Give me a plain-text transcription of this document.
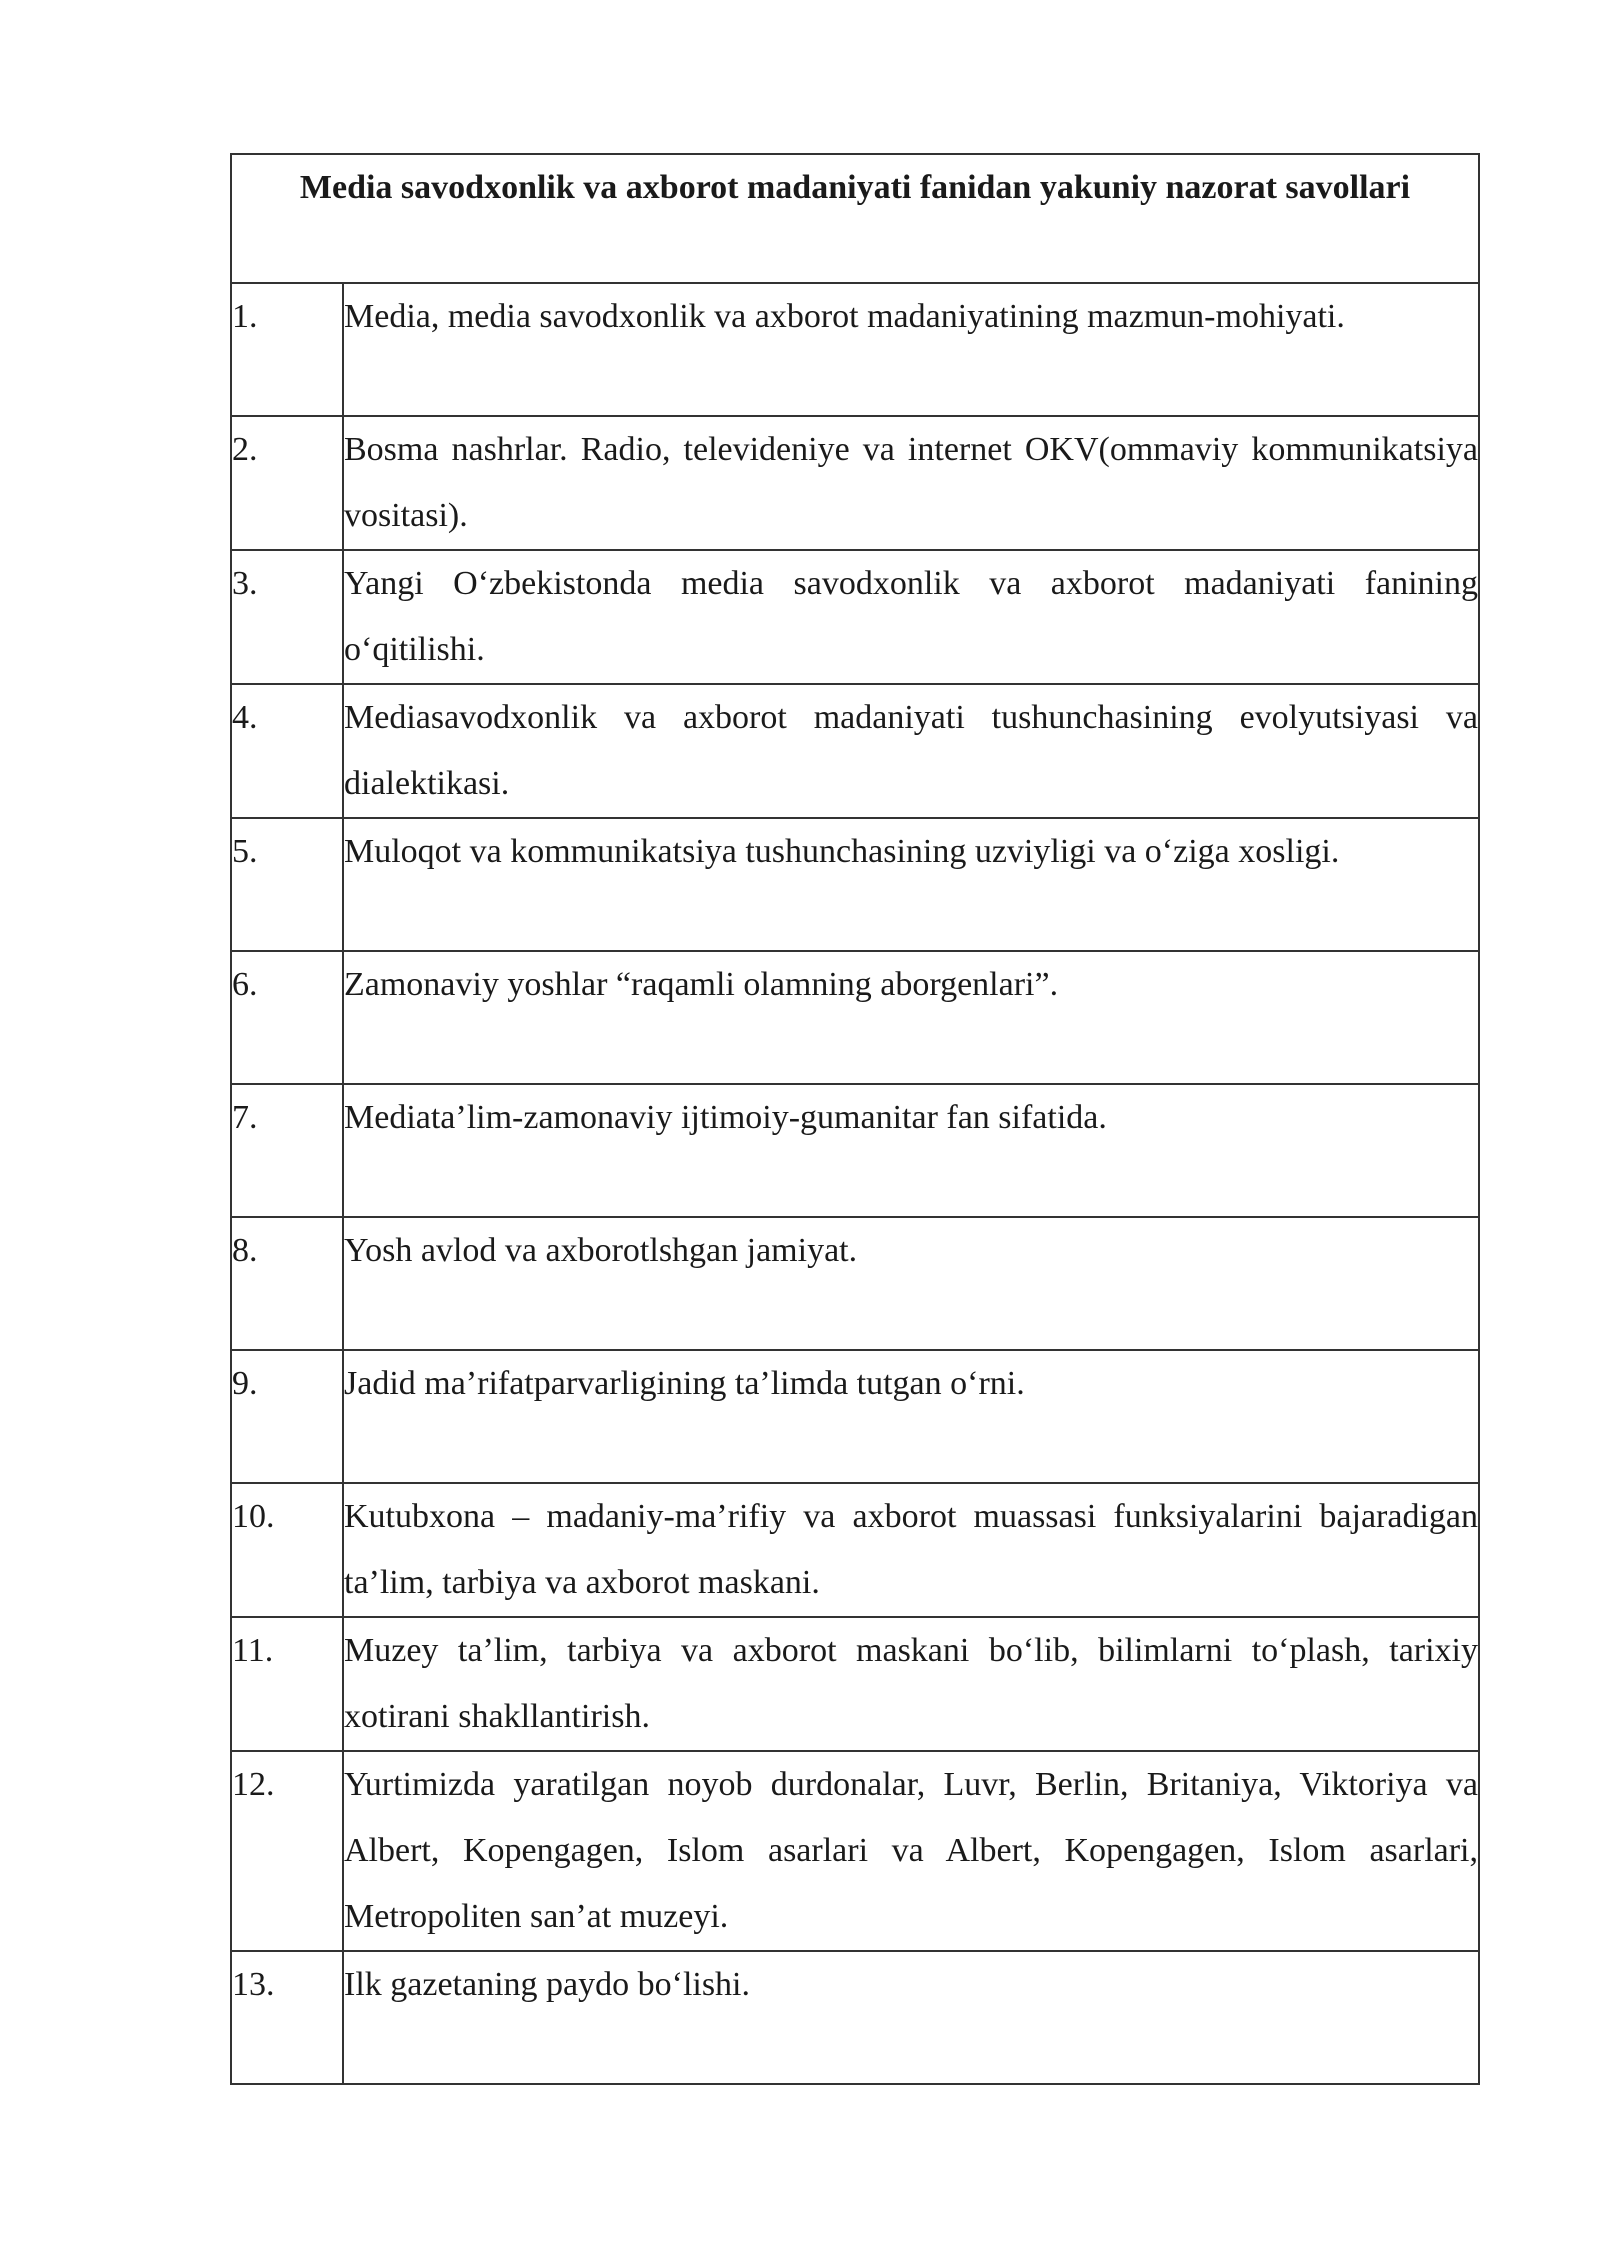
Media savodxonlik va axborot madaniyati fanidan yakuniy nazorat savollari	
1.	Media, media savodxonlik va axborot madaniyatining mazmun-mohiyati.
2.	Bosma nashrlar. Radio, televideniye va internet OKV(ommaviy kommunikatsiya vositasi).
3.	Yangi O‘zbekistonda media savodxonlik va axborot madaniyati fanining o‘qitilishi.
4.	Mediasavodxonlik va axborot madaniyati tushunchasining evolyutsiyasi va dialektikasi.
5.	Muloqot va kommunikatsiya tushunchasining uzviyligi va o‘ziga xosligi.
6.	Zamonaviy yoshlar “raqamli olamning aborgenlari”.
7.	Mediata’lim-zamonaviy ijtimoiy-gumanitar fan sifatida.
8.	Yosh avlod va axborotlshgan jamiyat.
9.	Jadid ma’rifatparvarligining ta’limda tutgan o‘rni.
10.	Kutubxona – madaniy-ma’rifiy va axborot muassasi funksiyalarini bajaradigan ta’lim, tarbiya va axborot maskani.
11.	Muzey ta’lim, tarbiya va axborot maskani bo‘lib, bilimlarni to‘plash, tarixiy xotirani shakllantirish.
12.	Yurtimizda yaratilgan noyob durdonalar, Luvr, Berlin, Britaniya, Viktoriya va Albert, Kopengagen, Islom asarlari va Albert, Kopengagen, Islom asarlari, Metropoliten san’at muzeyi.
13.	Ilk gazetaning paydo bo‘lishi.
